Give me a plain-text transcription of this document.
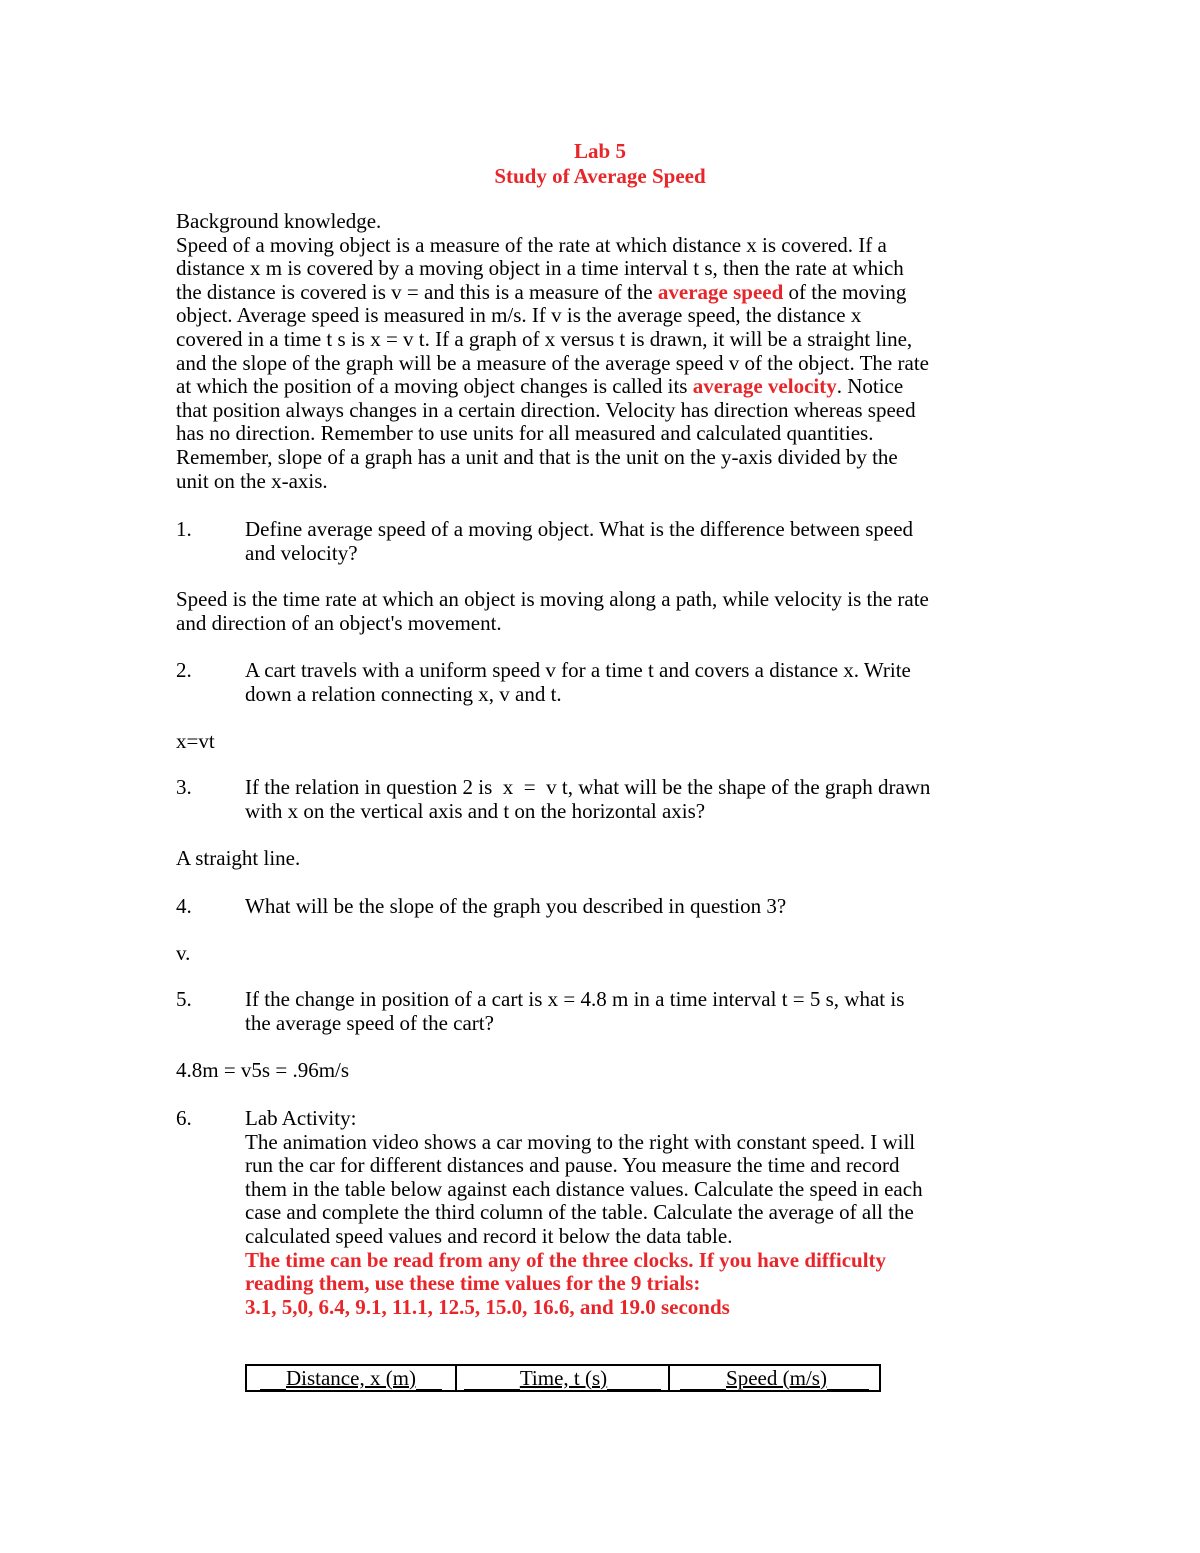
Lab 5
Study of Average Speed
Background knowledge.
Speed of a moving object is a measure of the rate at which distance x is covered. If a
distance x m is covered by a moving object in a time interval t s, then the rate at which
the distance is covered is v = and this is a measure of the average speed of the moving
object. Average speed is measured in m/s. If v is the average speed, the distance x
covered in a time t s is x = v t. If a graph of x versus t is drawn, it will be a straight line,
and the slope of the graph will be a measure of the average speed v of the object. The rate
at which the position of a moving object changes is called its average velocity. Notice
that position always changes in a certain direction. Velocity has direction whereas speed
has no direction. Remember to use units for all measured and calculated quantities.
Remember, slope of a graph has a unit and that is the unit on the y-axis divided by the
unit on the x-axis.
1.	Define average speed of a moving object. What is the difference between speed
and velocity?
Speed is the time rate at which an object is moving along a path, while velocity is the rate
and direction of an object's movement.
2.	A cart travels with a uniform speed v for a time t and covers a distance x. Write
down a relation connecting x, v and t.
x=vt
3.	If the relation in question 2 is  x  =  v t, what will be the shape of the graph drawn
with x on the vertical axis and t on the horizontal axis?
A straight line.
4.	What will be the slope of the graph you described in question 3?
v.
5.	If the change in position of a cart is x = 4.8 m in a time interval t = 5 s, what is
the average speed of the cart?
4.8m = v5s = .96m/s
6.	Lab Activity:
The animation video shows a car moving to the right with constant speed. I will
run the car for different distances and pause. You measure the time and record
them in the table below against each distance values. Calculate the speed in each
case and complete the third column of the table. Calculate the average of all the
calculated speed values and record it below the data table.
The time can be read from any of the three clocks. If you have difficulty
reading them, use these time values for the 9 trials:
3.1, 5,0, 6.4, 9.1, 11.1, 12.5, 15.0, 16.6, and 19.0 seconds
Distance, x (m)	Time, t (s)	Speed (m/s)
